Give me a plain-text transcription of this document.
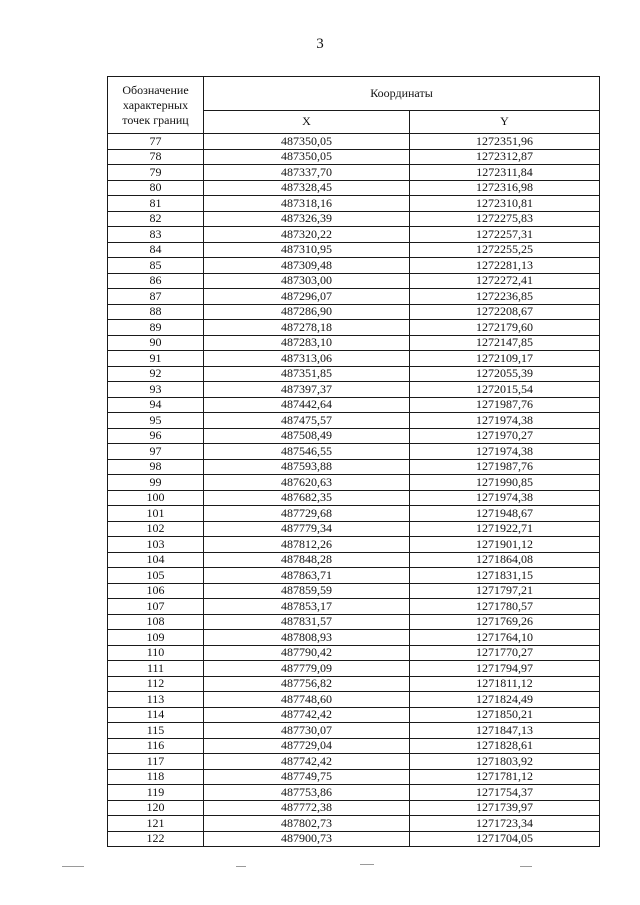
3
Обозначение характерных точек границ	Координаты	
	X	Y
77	487350,05	1272351,96
78	487350,05	1272312,87
79	487337,70	1272311,84
80	487328,45	1272316,98
81	487318,16	1272310,81
82	487326,39	1272275,83
83	487320,22	1272257,31
84	487310,95	1272255,25
85	487309,48	1272281,13
86	487303,00	1272272,41
87	487296,07	1272236,85
88	487286,90	1272208,67
89	487278,18	1272179,60
90	487283,10	1272147,85
91	487313,06	1272109,17
92	487351,85	1272055,39
93	487397,37	1272015,54
94	487442,64	1271987,76
95	487475,57	1271974,38
96	487508,49	1271970,27
97	487546,55	1271974,38
98	487593,88	1271987,76
99	487620,63	1271990,85
100	487682,35	1271974,38
101	487729,68	1271948,67
102	487779,34	1271922,71
103	487812,26	1271901,12
104	487848,28	1271864,08
105	487863,71	1271831,15
106	487859,59	1271797,21
107	487853,17	1271780,57
108	487831,57	1271769,26
109	487808,93	1271764,10
110	487790,42	1271770,27
111	487779,09	1271794,97
112	487756,82	1271811,12
113	487748,60	1271824,49
114	487742,42	1271850,21
115	487730,07	1271847,13
116	487729,04	1271828,61
117	487742,42	1271803,92
118	487749,75	1271781,12
119	487753,86	1271754,37
120	487772,38	1271739,97
121	487802,73	1271723,34
122	487900,73	1271704,05
